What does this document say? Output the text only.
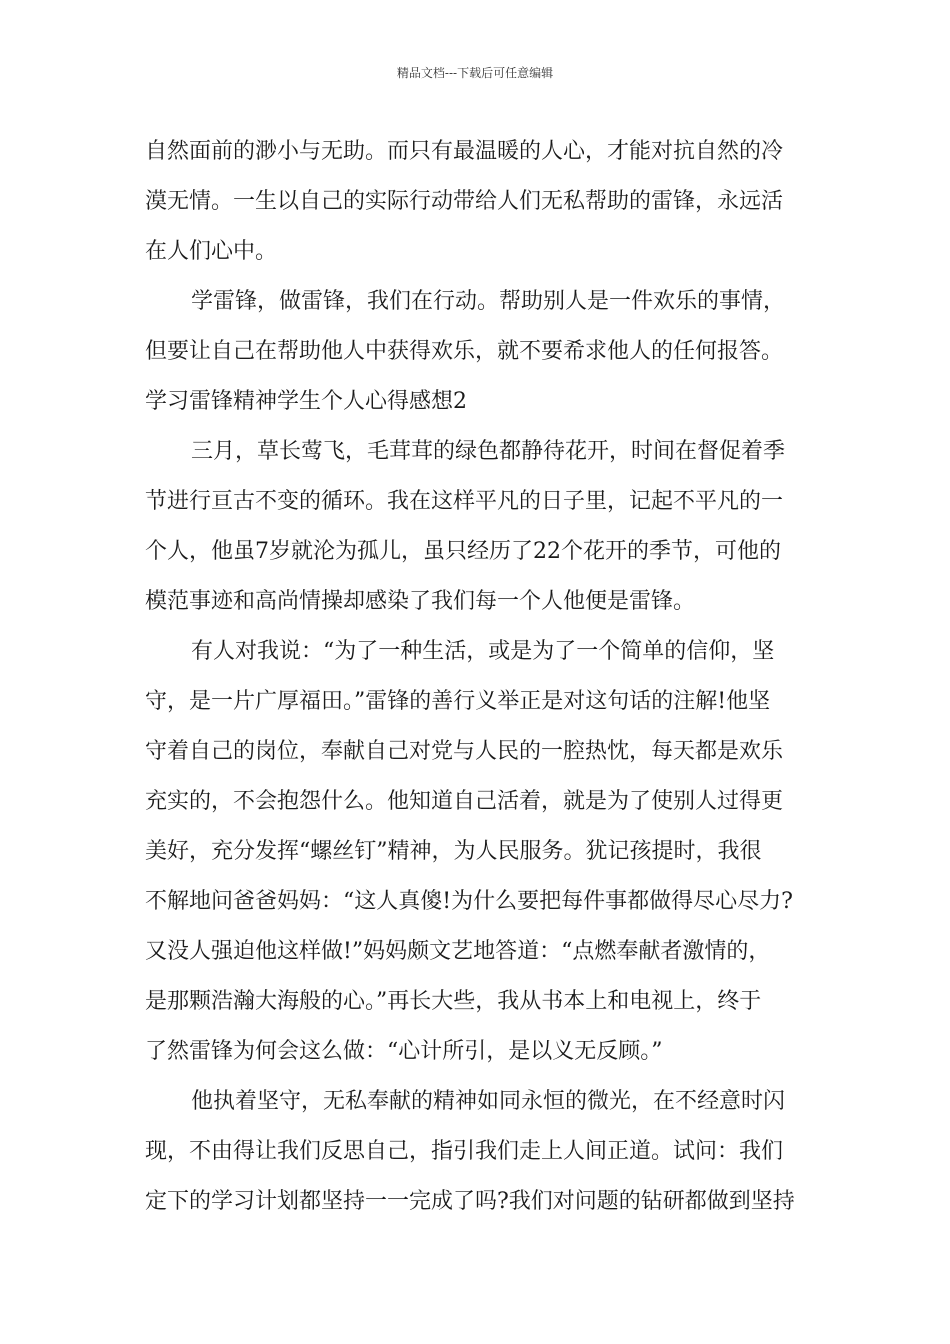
精品文档---下载后可任意编辑
自然面前的渺小与无助。而只有最温暖的人心，才能对抗自然的冷
漠无情。一生以自己的实际行动带给人们无私帮助的雷锋，永远活
在人们心中。
学雷锋，做雷锋，我们在行动。帮助别人是一件欢乐的事情，
但要让自己在帮助他人中获得欢乐，就不要希求他人的任何报答。
学习雷锋精神学生个人心得感想2
三月，草长莺飞，毛茸茸的绿色都静待花开，时间在督促着季
节进行亘古不变的循环。我在这样平凡的日子里，记起不平凡的一
个人，他虽7岁就沦为孤儿，虽只经历了22个花开的季节，可他的
模范事迹和高尚情操却感染了我们每一个人他便是雷锋。
有人对我说：“为了一种生活，或是为了一个简单的信仰，坚
守，是一片广厚福田。”雷锋的善行义举正是对这句话的注解!他坚
守着自己的岗位，奉献自己对党与人民的一腔热忱，每天都是欢乐
充实的，不会抱怨什么。他知道自己活着，就是为了使别人过得更
美好，充分发挥“螺丝钉”精神，为人民服务。犹记孩提时，我很
不解地问爸爸妈妈：“这人真傻!为什么要把每件事都做得尽心尽力?
又没人强迫他这样做!”妈妈颇文艺地答道：“点燃奉献者激情的，
是那颗浩瀚大海般的心。”再长大些，我从书本上和电视上，终于
了然雷锋为何会这么做：“心计所引，是以义无反顾。”
他执着坚守，无私奉献的精神如同永恒的微光，在不经意时闪
现，不由得让我们反思自己，指引我们走上人间正道。试问：我们
定下的学习计划都坚持一一完成了吗?我们对问题的钻研都做到坚持
